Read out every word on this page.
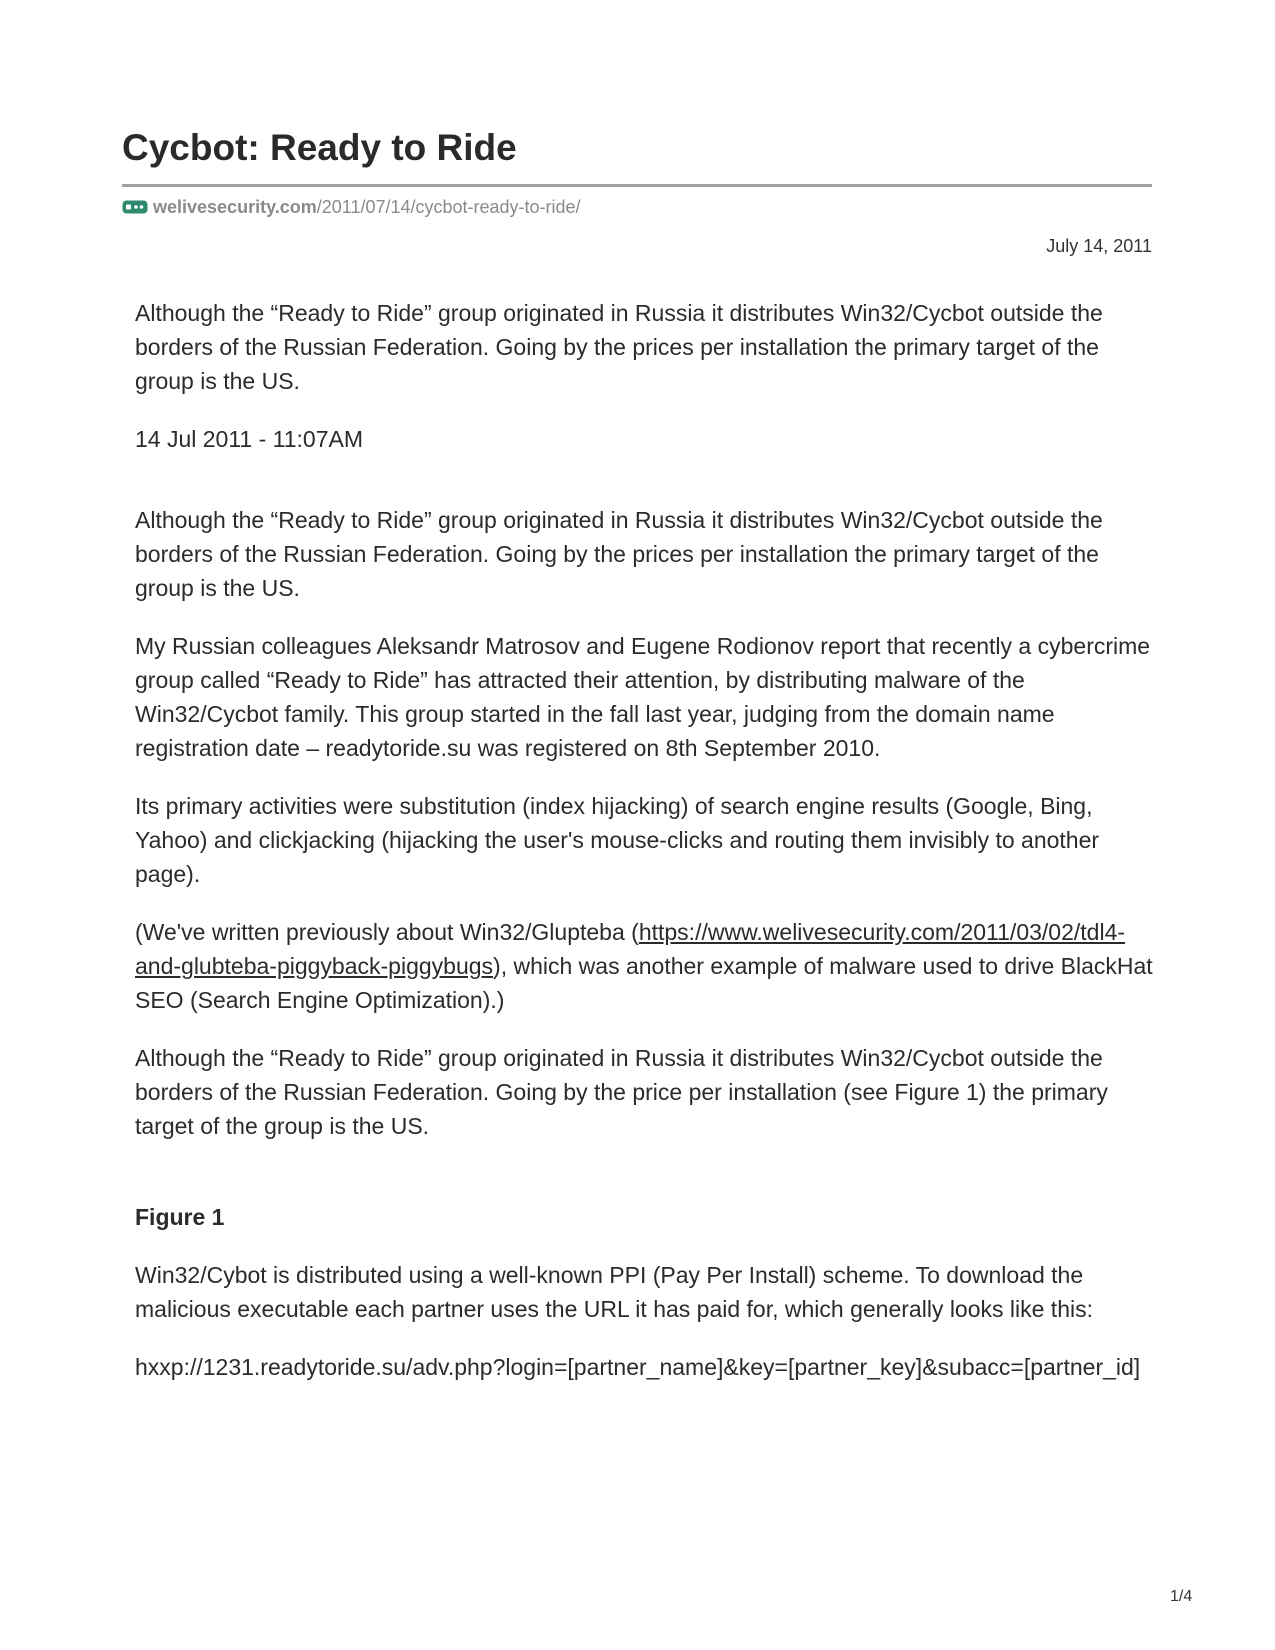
Cycbot: Ready to Ride
welivesecurity.com /2011/07/14/cycbot-ready-to-ride/
July 14, 2011

Although the “Ready to Ride” group originated in Russia it distributes Win32/Cycbot outside the borders of the Russian Federation. Going by the prices per installation the primary target of the group is the US.

14 Jul 2011 - 11:07AM

Although the “Ready to Ride” group originated in Russia it distributes Win32/Cycbot outside the borders of the Russian Federation. Going by the prices per installation the primary target of the group is the US.

My Russian colleagues Aleksandr Matrosov and Eugene Rodionov report that recently a cybercrime group called “Ready to Ride” has attracted their attention, by distributing malware of the Win32/Cycbot family. This group started in the fall last year, judging from the domain name registration date – readytoride.su was registered on 8th September 2010.

Its primary activities were substitution (index hijacking) of search engine results (Google, Bing, Yahoo) and clickjacking (hijacking the user's mouse-clicks and routing them invisibly to another page).

(We've written previously about Win32/Glupteba (https://www.welivesecurity.com/2011/03/02/tdl4-and-glubteba-piggyback-piggybugs), which was another example of malware used to drive BlackHat SEO (Search Engine Optimization).)

Although the “Ready to Ride” group originated in Russia it distributes Win32/Cycbot outside the borders of the Russian Federation. Going by the price per installation (see Figure 1) the primary target of the group is the US.

Figure 1

Win32/Cybot is distributed using a well-known PPI (Pay Per Install) scheme. To download the malicious executable each partner uses the URL it has paid for, which generally looks like this:

hxxp://1231.readytoride.su/adv.php?login=[partner_name]&key=[partner_key]&subacc=[partner_id]

1/4
